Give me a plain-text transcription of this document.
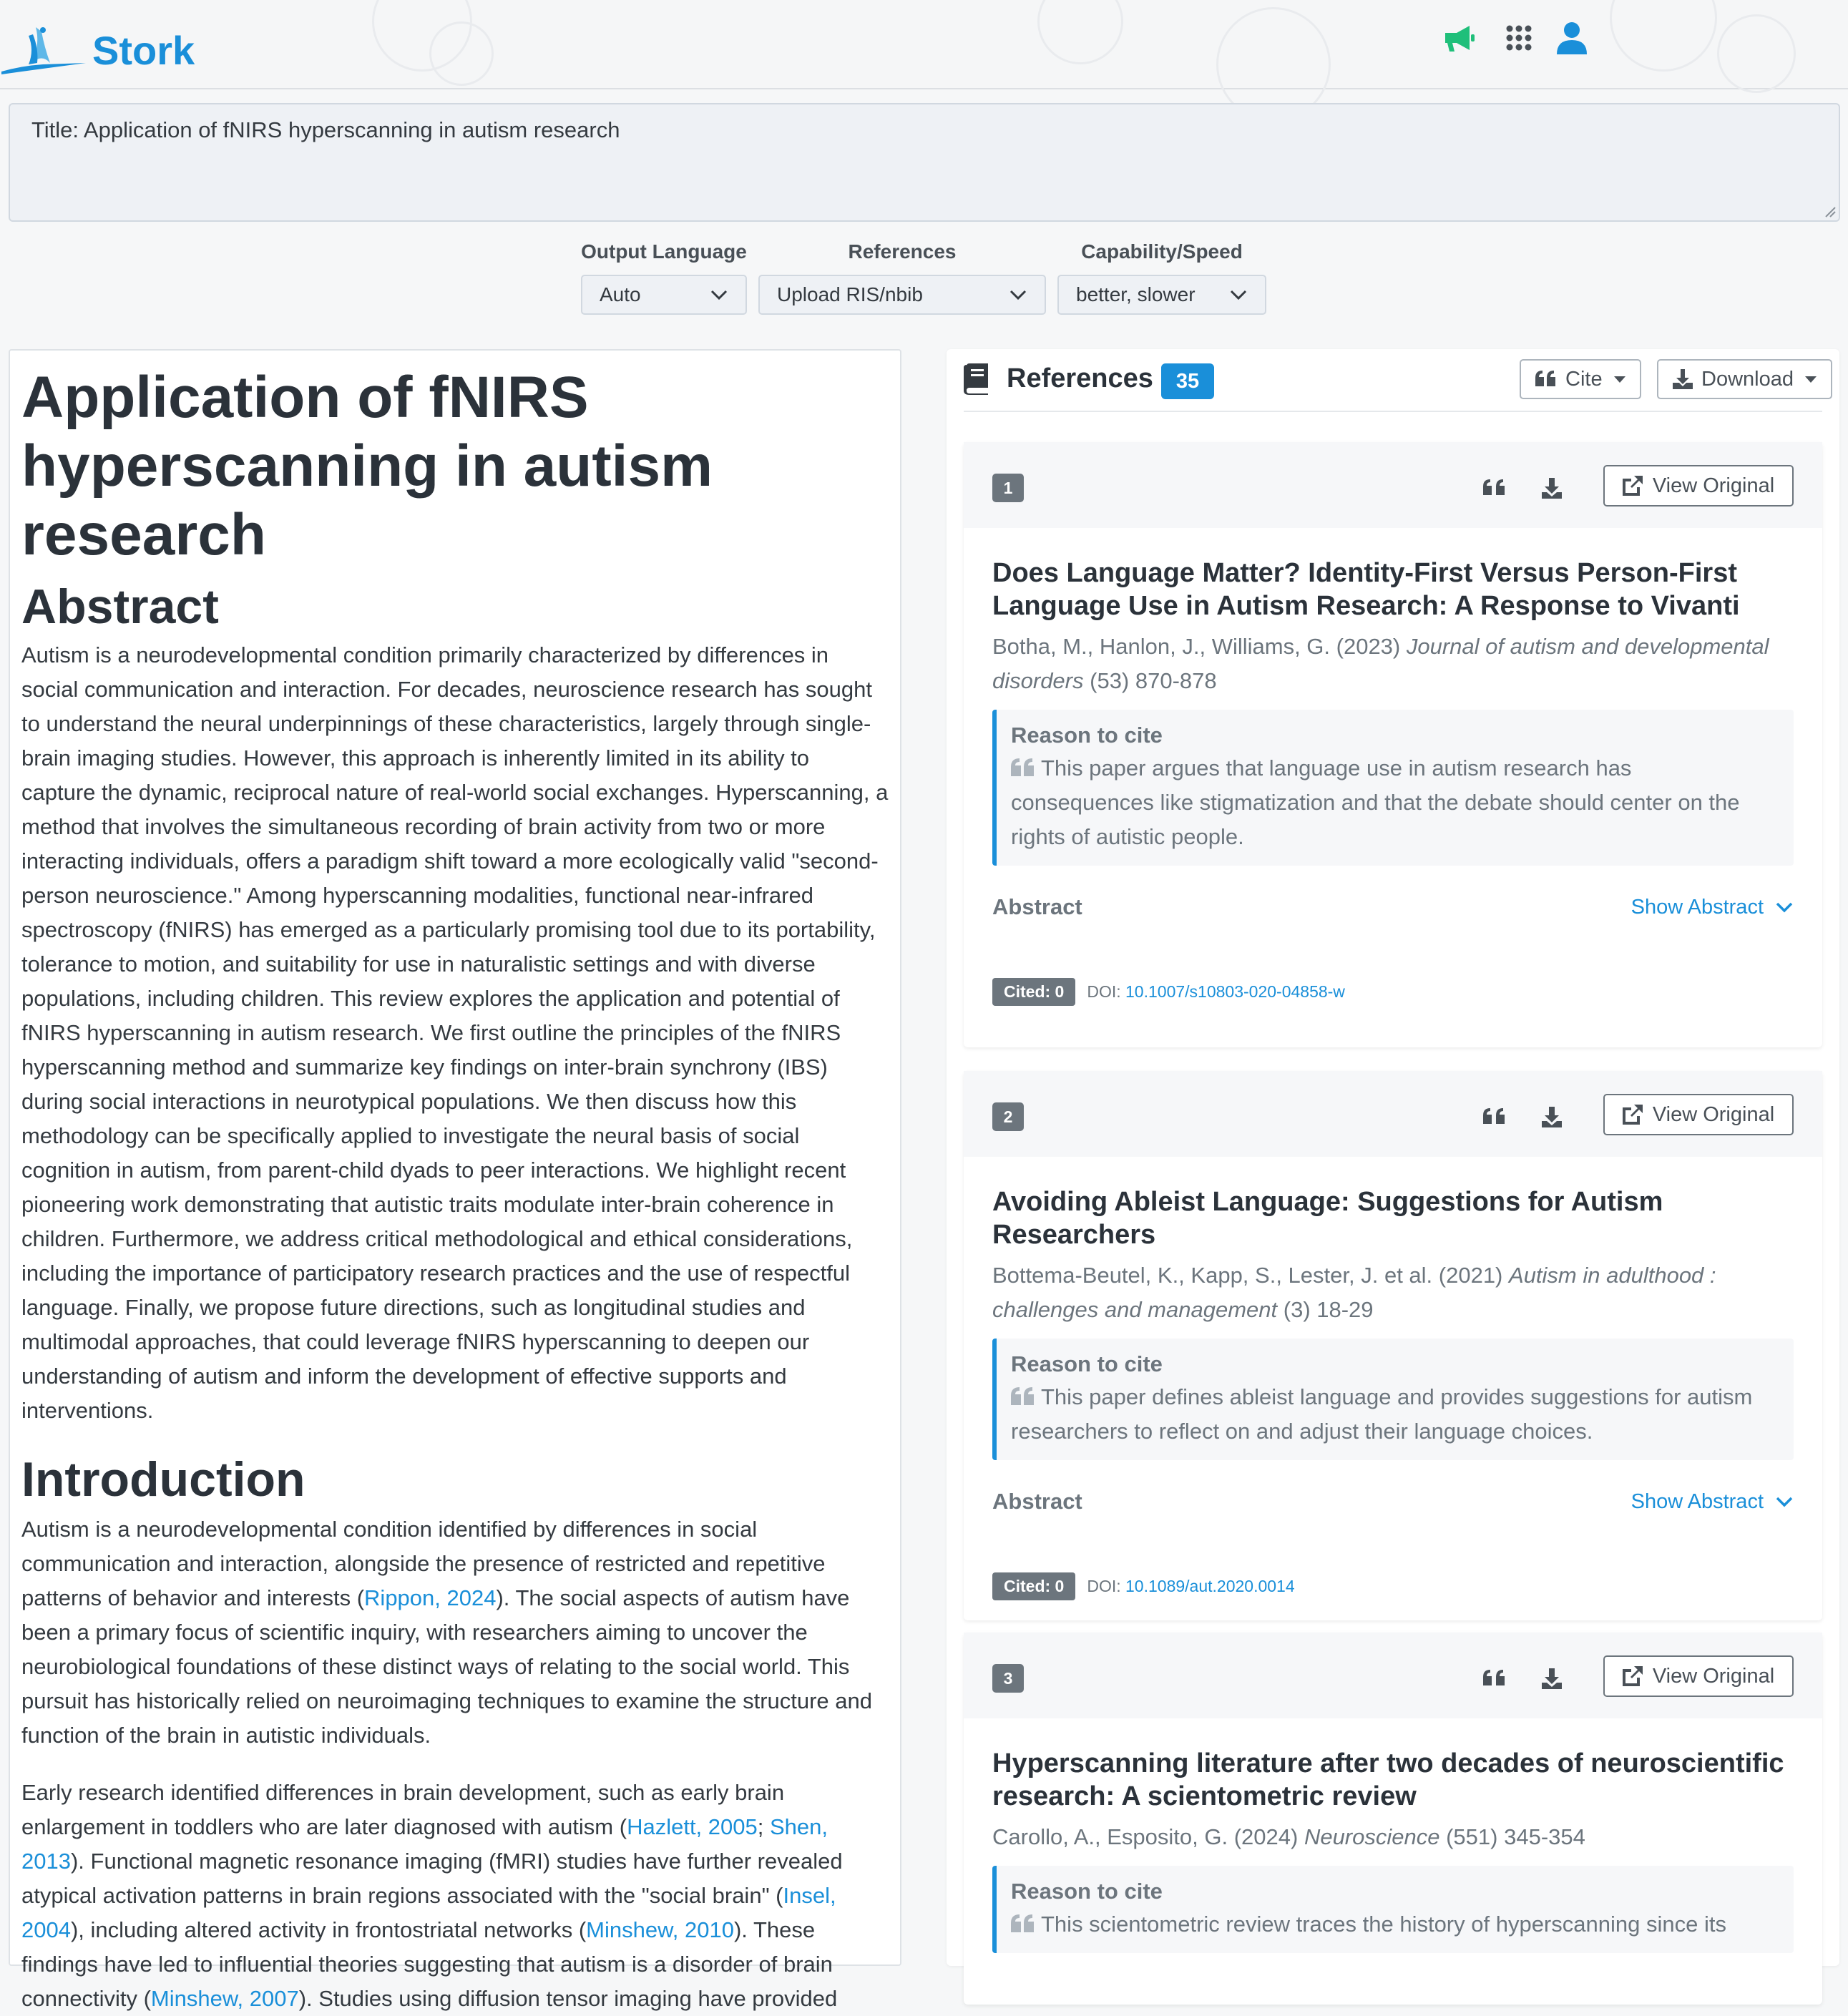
Stork
Title: Application of fNIRS hyperscanning in autism research
Output Language
Auto
References
Upload RIS/nbib
Capability/Speed
better, slower
Application of fNIRS hyperscanning in autism research
Abstract

Autism is a neurodevelopmental condition primarily characterized by differences in social communication and interaction. For decades, neuroscience research has sought to understand the neural underpinnings of these characteristics, largely through single-brain imaging studies. However, this approach is inherently limited in its ability to capture the dynamic, reciprocal nature of real-world social exchanges. Hyperscanning, a method that involves the simultaneous recording of brain activity from two or more interacting individuals, offers a paradigm shift toward a more ecologically valid "second-person neuroscience." Among hyperscanning modalities, functional near-infrared spectroscopy (fNIRS) has emerged as a particularly promising tool due to its portability, tolerance to motion, and suitability for use in naturalistic settings and with diverse populations, including children. This review explores the application and potential of fNIRS hyperscanning in autism research. We first outline the principles of the fNIRS hyperscanning method and summarize key findings on inter-brain synchrony (IBS) during social interactions in neurotypical populations. We then discuss how this methodology can be specifically applied to investigate the neural basis of social cognition in autism, from parent-child dyads to peer interactions. We highlight recent pioneering work demonstrating that autistic traits modulate inter-brain coherence in children. Furthermore, we address critical methodological and ethical considerations, including the importance of participatory research practices and the use of respectful language. Finally, we propose future directions, such as longitudinal studies and multimodal approaches, that could leverage fNIRS hyperscanning to deepen our understanding of autism and inform the development of effective supports and interventions.

Introduction

Autism is a neurodevelopmental condition identified by differences in social communication and interaction, alongside the presence of restricted and repetitive patterns of behavior and interests (Rippon, 2024). The social aspects of autism have been a primary focus of scientific inquiry, with researchers aiming to uncover the neurobiological foundations of these distinct ways of relating to the social world. This pursuit has historically relied on neuroimaging techniques to examine the structure and function of the brain in autistic individuals.

Early research identified differences in brain development, such as early brain enlargement in toddlers who are later diagnosed with autism (Hazlett, 2005; Shen, 2013). Functional magnetic resonance imaging (fMRI) studies have further revealed atypical activation patterns in brain regions associated with the "social brain" (Insel, 2004), including altered activity in frontostriatal networks (Minshew, 2010). These findings have led to influential theories suggesting that autism is a disorder of brain connectivity (Minshew, 2007). Studies using diffusion tensor imaging have provided

References	35	Cite	Download
1	View Original
Does Language Matter? Identity-First Versus Person-First Language Use in Autism Research: A Response to Vivanti
Botha, M., Hanlon, J., Williams, G. (2023) Journal of autism and developmental disorders (53) 870-878
Reason to cite
This paper argues that language use in autism research has consequences like stigmatization and that the debate should center on the rights of autistic people.
Abstract	Show Abstract
Cited: 0	DOI: 10.1007/s10803-020-04858-w
2	View Original
Avoiding Ableist Language: Suggestions for Autism Researchers
Bottema-Beutel, K., Kapp, S., Lester, J. et al. (2021) Autism in adulthood : challenges and management (3) 18-29
Reason to cite
This paper defines ableist language and provides suggestions for autism researchers to reflect on and adjust their language choices.
Abstract	Show Abstract
Cited: 0	DOI: 10.1089/aut.2020.0014
3	View Original
Hyperscanning literature after two decades of neuroscientific research: A scientometric review
Carollo, A., Esposito, G. (2024) Neuroscience (551) 345-354
Reason to cite
This scientometric review traces the history of hyperscanning since its
